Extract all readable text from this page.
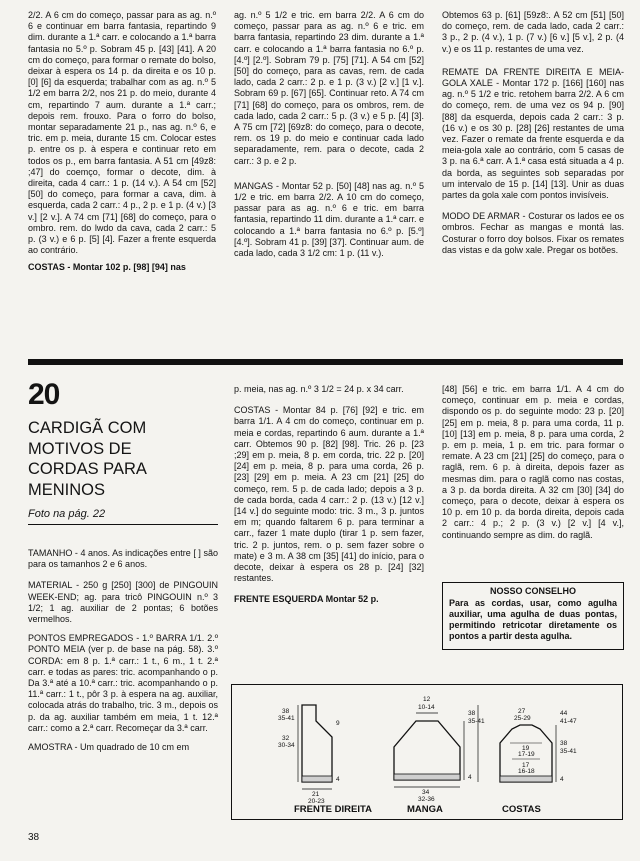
2/2. A 6 cm do começo, passar para as ag. n.º 6 e continuar em barra fantasia, repartindo 9 dim. durante a 1.ª carr. e colocando a 1.ª barra fantasia no 5.º p. Sobram 45 p. [43] [41]. A 20 cm do começo, para formar o remate do bolso, deixar à espera os 14 p. da direita e os 10 p. [0] [6] da esquerda; trabalhar com as ag. n.º 5 1/2 em barra 2/2, nos 21 p. do meio, durante 4 cm, repartindo 7 aum. durante a 1.ª carr.; depois rem. frouxo. Para o forro do bolso, montar separadamente 21 p., nas ag. n.º 6, e tric. em p. meia, durante 15 cm. Colocar estes p. entre os p. à espera e continuar reto em todos os p., em barra fantasia. A 51 cm [49z8: ;47] do coemço, formar o decote, dim. à direita, cada 4 carr.: 1 p. (14 v.). A 54 cm [52] [50] do começo, para formar a cava, dim. à esquerda, cada 2 carr.: 4 p., 2 p. e 1 p. (4 v.) [3 v.] [2 v.]. A 74 cm [71] [68] do começo, para o ombro. rem. do lwdo da cava, cada 2 carr.: 5 p. (3 v.) e 6 p. [5] [4]. Fazer a frente esquerda ao contrário.

COSTAS - Montar 102 p. [98] [94] nas

ag. n.º 5 1/2 e tric. em barra 2/2. A 6 cm do começo, passar para as ag. n.º 6 e tric. em barra fantasia, repartindo 23 dim. durante a 1.ª carr. e colocando a 1.ª barra fantasia no 6.º p. [4.º] [2.º]. Sobram 79 p. [75] [71]. A 54 cm [52] [50] do começo, para as cavas, rem. de cada lado, cada 2 carr.: 2 p. e 1 p. (3 v.) [2 v.] [1 v.]. Sobram 69 p. [67] [65]. Continuar reto. A 74 cm [71] [68] do começo, para os ombros, rem. de cada lado, cada 2 carr.: 5 p. (3 v.) e 5 p. [4] [3]. A 75 cm [72] [69z8: do começo, para o decote, rem. os 19 p. do meio e continuar cada lado separadamente, rem. para o decote, cada 2 carr.: 3 p. e 2 p.

MANGAS - Montar 52 p. [50] [48] nas ag. n.º 5 1/2 e tric. em barra 2/2. A 10 cm do começo, passar para as ag. n.º 6 e tric. em barra fantasia, repartindo 11 dim. durante a 1.ª carr. e colocando a 1.ª barra fantasia no 6.º p. [5.º] [4.º]. Sobram 41 p. [39] [37]. Continuar aum. de cada lado, cada 3 1/2 cm: 1 p. (11 v.).

Obtemos 63 p. [61] [59z8:. A 52 cm [51] [50] do começo, rem. de cada lado, cada 2 carr.: 3 p., 2 p. (4 v.), 1 p. (7 v.) [6 v.] [5 v.], 2 p. (4 v.) e os 11 p. restantes de uma vez.

REMATE DA FRENTE DIREITA E MEIA-GOLA XALE - Montar 172 p. [166] [160] nas ag. n.º 5 1/2 e tric. retohem barra 2/2. A 6 cm do começo, rem. de uma vez os 94 p. [90] [88] da esquerda, depois cada 2 carr.: 3 p. (16 v.) e os 30 p. [28] [26] restantes de uma vez. Fazer o remate da frente esquerda e da meia-gola xale ao contrário, com 5 casas de 3 p. na 6.ª carr. A 1.ª casa está situada a 4 p. da borda, as seguintes sob separadas por um intervalo de 15 p. [14] [13]. Unir as duas partes da gola xale com pontos invisíveis.

MODO DE ARMAR - Costurar os lados ee os ombros. Fechar as mangas e montá las. Costurar o forro doy bolsos. Fixar os remates das vistas e da golw xale. Pregar os botões.

20
CARDIGÃ COM
MOTIVOS DE
CORDAS PARA
MENINOS
Foto na pág. 22

TAMANHO - 4 anos. As indicações entre [ ] são para os tamanhos 2 e 6 anos.

MATERIAL - 250 g [250] [300] de PINGOUIN WEEK-END; ag. para tricô PINGOUIN n.º 3 1/2; 1 ag. auxiliar de 2 pontas; 6 botões vermelhos.

PONTOS EMPREGADOS - 1.º BARRA 1/1. 2.º PONTO MEIA (ver p. de base na pág. 58). 3.º CORDA: em 8 p. 1.ª carr.: 1 t., 6 m., 1 t. 2.ª carr. e todas as pares: tric. acompanhando o p. Da 3.ª até a 10.ª carr.: tric. acompanhando o p. 11.ª carr.: 1 t., pôr 3 p. à espera na ag. auxiliar, colocada atrás do trabalho, tric. 3 m., depois os p. da ag. auxiliar também em meia, 1 t. 12.ª carr.: como a 2.ª carr. Recomeçar da 3.ª carr.

AMOSTRA - Um quadrado de 10 cm em

p. meia, nas ag. n.º 3 1/2 = 24 p. x 34 carr.

COSTAS - Montar 84 p. [76] [92] e tric. em barra 1/1. A 4 cm do começo, continuar em p. meia e cordas, repartindo 6 aum. durante a 1.ª carr. Obtemos 90 p. [82] [98]. Tric. 26 p. [23 ;29] em p. meia, 8 p. em corda, tric. 22 p. [20] [24] em p. meia, 8 p. para uma corda, 26 p. [23] [29] em p. meia. A 23 cm [21] [25] do começo, rem. 5 p. de cada lado; depois a 3 p. de cada borda, cada 4 carr.: 2 p. (13 v.) [12 v.] [14 v.] do seguinte modo: tric. 3 m., 3 p. juntos em m; quando faltarem 6 p. para terminar a carr., fazer 1 mate duplo (tirar 1 p. sem fazer, tric. 2 p. juntos, rem. o p. sem fazer sobre o mate) e 3 m. A 38 cm [35] [41] do início, para o decote, deixar à espera os 28 p. [24] [32] restantes.

FRENTE ESQUERDA Montar 52 p.

[48] [56] e tric. em barra 1/1. A 4 cm do começo, continuar em p. meia e cordas, dispondo os p. do seguinte modo: 23 p. [20] [25] em p. meia, 8 p. para uma corda, 11 p. [10] [13] em p. meia, 8 p. para uma corda, 2 p. em p. meia, 1 p. em tric. para formar o remate. A 23 cm [21] [25] do começo, para o raglã, rem. 6 p. à direita, depois fazer as mesmas dim. para o raglã como nas costas, a 3 p. da borda direita. A 32 cm [30] [34] do começo, para o decote, deixar à espera os 10 p. em 10 p. da borda direita, depois cada 2 carr.: 4 p.; 2 p. (3 v.) [2 v.] [4 v.], continuando sempre as dim. do raglã.

NOSSO CONSELHO
Para as cordas, usar, como agulha auxiliar, uma agulha de duas pontas, permitindo retricotar diretamente os pontos a partir desta agulha.
38
35-41
32
30-34
21
20-23
9
4
12
10-14
38
35-41
34
32-36
4
27
25-29
38
35-41
44
41-47
19
17-19
17
16-18
4
FRENTE DIREITA	MANGA	COSTAS
38
